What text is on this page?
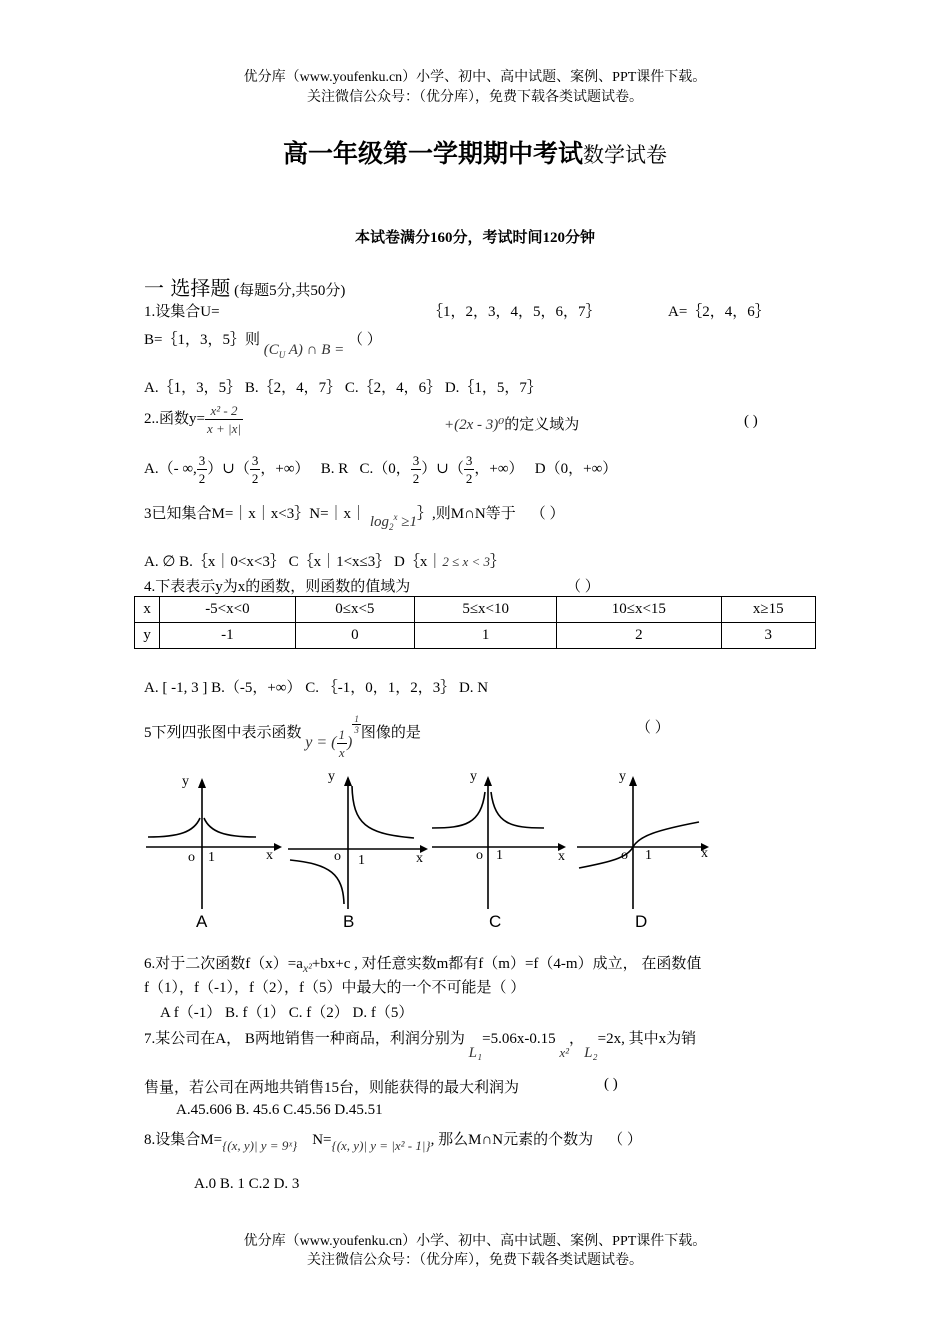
优分库（www.youfenku.cn）小学、初中、高中试题、案例、PPT课件下载。
关注微信公众号：（优分库），免费下载各类试题试卷。
高一年级第一学期期中考试数学试卷
本试卷满分160分，考试时间120分钟
一 选择题 (每题5分,共50分)
1.设集合U=	｛1，2，3，4，5，6，7｝	A=｛2，4，6｝
B=｛1，3，5｝则 ($C_U$ A) ∩ B = （ ）
A.｛1，3，5｝ B.｛2，4，7｝ C.｛2，4，6｝ D.｛1，5，7｝
2..函数$y= \frac{\text{x² - 2}}{x + |x|}$	+(2x - 3)⁰的定义域为	( )
A.（- ∞, $\frac{3}{2}$ ）∪（ $\frac{3}{2}$ ，+∞） B. R C.（0， $\frac{3}{2}$ ）∪（ $\frac{3}{2}$ ，+∞） D（0，+∞）
3已知集合M=｜x｜x<3｝N=｜x｜ $\log_2^x$ ≥1｝,则M∩N等于 （ ）
A. ∅ B.｛x｜0<x<3｝ C｛x｜1<x≤3｝ D｛x｜2 ≤ x < 3｝
4.下表表示y为x的函数，则函数的值域为	（ ）
x	-5<x<0	0≤x<5	5≤x<10	10≤x<15	x≥15
y	-1	0	1	2	3
A. [ -1, 3 ] B.（-5，+∞） C. ｛-1，0，1，2，3｝ D. N
5下列四张图中表示函数 y = ( $\frac{1}{x}$ )
$\frac{1}{3}$ 图像的是	（ ）
y
x
o 1
A
y
x
o 1
B
y
x
o 1
C
y
x
o 1
D
6.对于二次函数$f(x)=a_{x^2}+bx+c$ , 对任意实数m都有f（m）=f（4-m）成立， 在函数值
f（1），f（-1），f（2），f（5）中最大的一个不可能是（ ）
A f（-1） B. f（1） C. f（2） D. f（5）
7.某公司在A， B两地销售一种商品，利润分别为 L₁=5.06x-0.15 x²，L₂=2x, 其中x为销
售量，若公司在两地共销售15台，则能获得的最大利润为	( )
A.45.606 B. 45.6 C.45.56 D.45.51
8.设集合M={(x, y)| y = 9ˣ} N={(x, y)| y = |x² - 1|}, 那么M∩N元素的个数为 （ ）
A.0 B. 1 C.2 D. 3
优分库（www.youfenku.cn）小学、初中、高中试题、案例、PPT课件下载。
关注微信公众号：（优分库），免费下载各类试题试卷。
